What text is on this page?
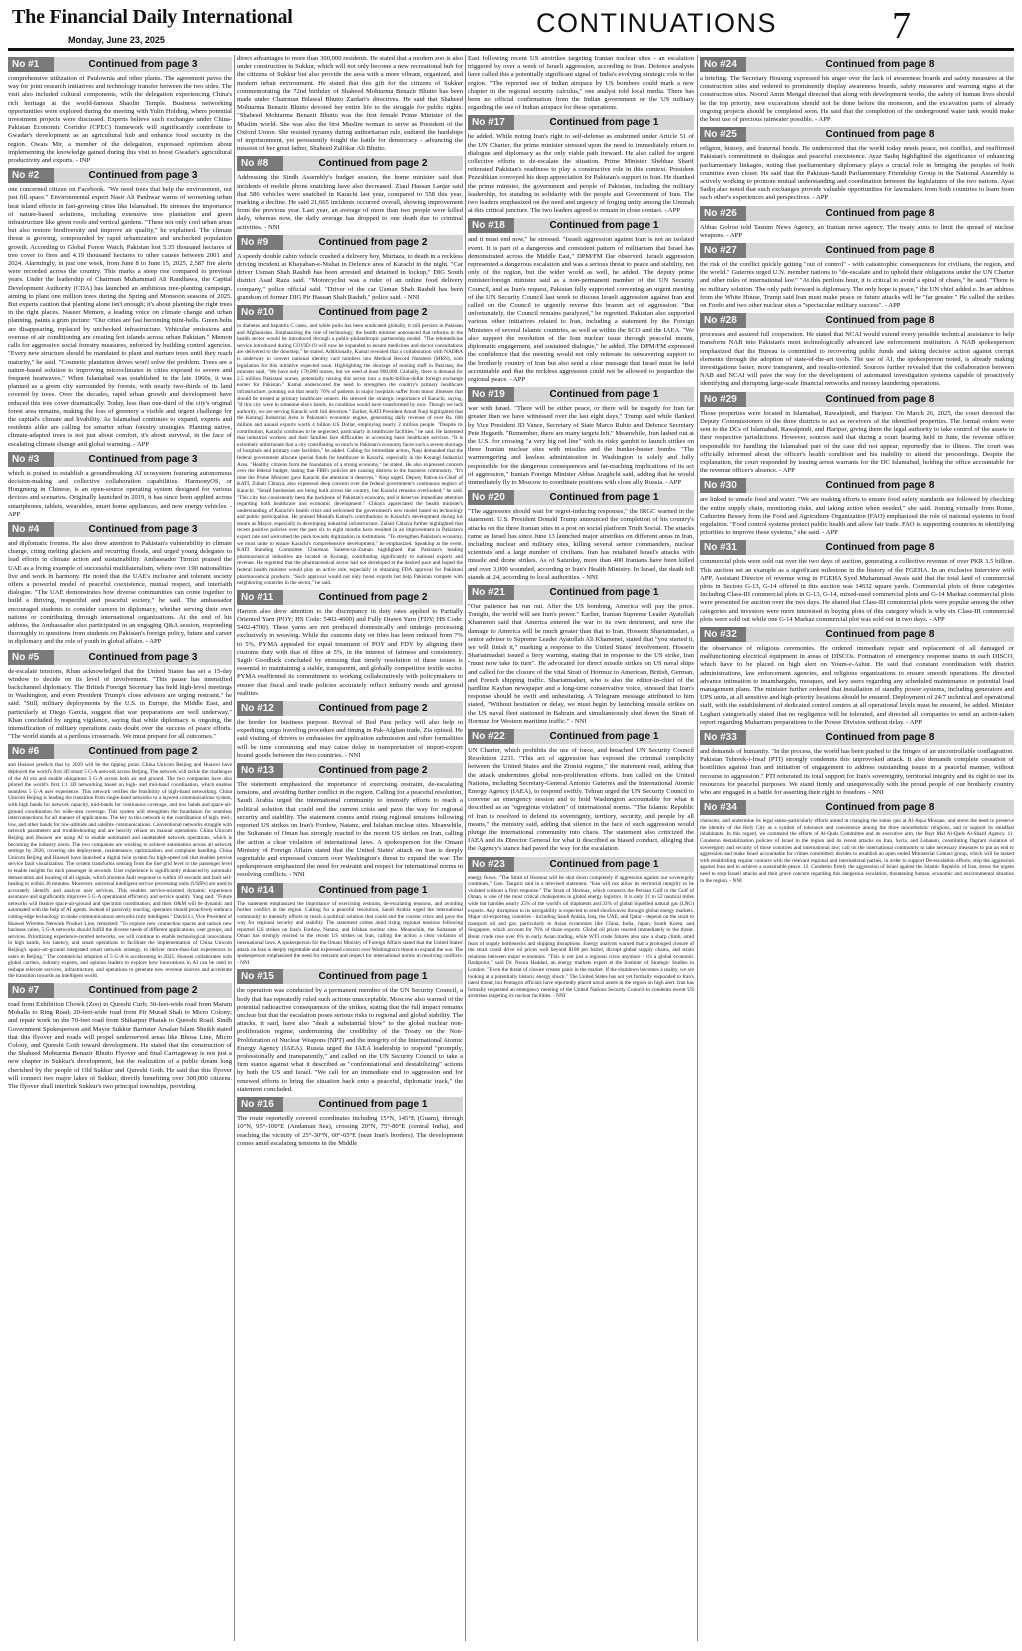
The Financial Daily International
Monday, June 23, 2025
CONTINUATIONS	7
No #1	Continued from page 3
comprehensive utilization of Paulownia and other plants. The agreement paves the way for joint research initiatives and technology transfer between the two sides. The visit also included cultural components, with the delegation experiencing China's rich heritage at the world-famous Shaolin Temple. Business networking opportunities were explored during the meeting with Yulin Holding, where potential investment projects were discussed. Experts believe such exchanges under China-Pakistan Economic Corridor (CPEC) framework will significantly contribute to Gwadar's development as an agricultural hub and enhance food security in the region. Owais Mir, a member of the delegation, expressed optimism about implementing the knowledge gained during this visit to boost Gwadar's agricultural productivity and exports. - INP
No #2	Continued from page 3
one concerned citizen on Facebook. "We need trees that help the environment, not just fill space." Environmental expert Nasir Ali Panhwar warns of worsening urban heat island effects in fast-growing cities like Islamabad. He stresses the importance of nature-based solutions, including extensive tree plantation and green infrastructure like green roofs and vertical gardens. "These not only cool urban areas but also restore biodiversity and improve air quality," he explained. The climate threat is growing, compounded by rapid urbanization and unchecked population growth. According to Global Forest Watch, Pakistan lost 5.35 thousand hectares of tree cover to fires and 4.19 thousand hectares to other causes between 2001 and 2024. Alarmingly, in just one week, from June 8 to June 15, 2025, 2,587 fire alerts were recorded across the country. This marks a steep rise compared to previous years. Under the leadership of Chairman Muhammad Ali Randhawa, the Capital Development Authority (CDA) has launched an ambitious tree-planting campaign, aiming to plant one million trees during the Spring and Monsoon seasons of 2025. But experts caution that planting alone isn't enough; it's about planting the right trees in the right places. Naseer Memon, a leading voice on climate change and urban planning, paints a grim picture: "Our cities are fast becoming mini-hells. Green belts are disappearing, replaced by unchecked infrastructure. Vehicular emissions and overuse of air conditioning are creating hot islands across urban Pakistan." Memon calls for aggressive social forestry measures, enforced by building control agencies. "Every new structure should be mandated to plant and nurture trees until they reach maturity," he said. "Cosmetic plantation drives won't solve the problem. Trees are a nature-based solution to improving microclimates in cities exposed to severe and frequent heatwaves." When Islamabad was established in the late 1960s, it was planned as a green city surrounded by forests, with nearly two-thirds of its land covered by trees. Over the decades, rapid urban growth and development have reduced this tree cover dramatically. Today, less than one-third of the city's original forest area remains, making the loss of greenery a visible and urgent challenge for the capital's climate and livability. As Islamabad continues to expand, experts and residents alike are calling for smarter urban forestry strategies. Planting native, climate-adapted trees is not just about comfort, it's about survival, in the face of escalating climate change and global warming. - APP
No #3	Continued from page 3
which is poised to establish a groundbreaking AI ecosystem featuring autonomous decision-making and collective collaboration capabilities. HarmonyOS, or Hongmeng in Chinese, is an open-source operating system designed for various devices and scenarios. Originally launched in 2019, it has since been applied across smartphones, tablets, wearables, smart home appliances, and new energy vehicles. - APP
No #4	Continued from page 3
and diplomatic forums. He also drew attention to Pakistan's vulnerability to climate change, citing melting glaciers and recurring floods, and urged young delegates to lead efforts in climate action and sustainability. Ambassador Tirmizi praised the UAE as a living example of successful multilateralism, where over 190 nationalities live and work in harmony. He noted that the UAE's inclusive and tolerant society offers a powerful model of peaceful coexistence, mutual respect, and interfaith dialogue. "The UAE demonstrates how diverse communities can come together to build a thriving, respectful and peaceful society," he said. The ambassador encouraged students to consider careers in diplomacy, whether serving their own nations or contributing through international organizations. At the end of his address, the Ambassador also participated in an engaging Q&A session, responding thoroughly to questions from students on Pakistan's foreign policy, future and career in diplomacy and the role of youth in global affairs. - APP
No #5	Continued from page 3
de-escalate tensions, Khan acknowledged that the United States has set a 15-day window to decide on its level of involvement. "This pause has intensified backchannel diplomacy. The British Foreign Secretary has held high-level meetings in Washington, and even President Trump's close advisers are urging restraint," he said. "Still, military deployments by the U.S. in Europe, the Middle East, and particularly at Diego Garcia, suggest that war preparations are well underway." Khan concluded by urging vigilance, saying that while diplomacy is ongoing, the intensification of military operations casts doubt over the success of peace efforts. "The world stands at a perilous crossroads. We must prepare for all outcomes."
No #6	Continued from page 2
and Huawei predicts that by 2029 will be the tipping point. China Unicom Beijing and Huawei have deployed the world's first 3D smart 5 G-A network across Beijing. The network will tackle the challenges of the AI era and enable ubiquitous 5 G-A across both air and ground. The two companies have also piloted the world's first 1:1 3D networking based on high- and mid-band coordination, which enables seamless 5 G-A user experience. This network verifies the feasibility of high-band networking. China Unicom Beijing is leading the transition from single-band networks to a layered communications system, with high bands for network capacity, mid-bands for continuous coverage, and low bands and space-air-ground coordination for wide-area coverage. This system will strengthen the foundation for seamless interconnections for all manner of applications. The key to this network is the coordination of high, mid-, low, and other bands for low-altitude and satellite communications. Conventional networks struggle with network parameters and troubleshooting and are heavily reliant on manual operations. China Unicom Beijing and Huawei are using AI to enable automated and unattended network operations, which is becoming the industry norm. The two companies are working to achieve automation across all network settings by 2026, covering site deployment, maintenance, optimization, and complaint handling. China Unicom Beijing and Huawei have launched a digital twin system for high-speed rail that enables precise service fault visualization. The system transforms sensing from the line grid level to the passenger level to enable insights for each passenger in seconds. User experience is significantly enhanced by automatic demarcation and locating of all signals, which shortens fault response to within 10 seconds and fault self-healing to within 30 minutes. Moreover, universal intelligent service processing units (USIPs) are used to accurately identify and analyze user services. This enables service-oriented dynamic experience assurance and significantly improves 5 G-A operational efficiency and service quality. Yang said: "Future networks will feature space-air-ground and spectrum coordination, and their O&M will be dynamic and automated with the help of AI agents. Instead of passively reacting, operators should proactively embrace cutting-edge technology to make communications networks truly intelligent." David Li, Vice President of Huawei Wireless Network Product Line, remarked: "To explore new connection spaces and unlock new business value, 5 G-A networks should fulfill the diverse needs of different applications, user groups, and services. Prioritizing experience-centred networks, we will continue to enable technological innovations in high bands, low latency, and smart operations to facilitate the implementation of China Unicom Beijing's space-air-ground integrated smart network strategy, to deliver more-than-fast experiences to users in Beijing." The commercial adoption of 5 G-A is accelerating in 2025. Huawei collaborates with global carriers, industry experts, and opinion leaders to explore how innovations in AI can be used to reshape telecom services, infrastructure, and operations to generate new revenue sources and accelerate the transition towards an intelligent world.
No #7	Continued from page 2
road from Exhibition Chowk (Zoo) to Qureshi Curb; 30-feet-wide road from Maram Mohalla to Ring Road; 20-feet-wide road from Pir Murad Shah to Micro Colony; and repair work on the 70-feet road from Shikarpur Phatak to Qureshi Road. Sindh Government Spokesperson and Mayor Sukkur Barrister Arsalan Islam Sheikh stated that this flyover and roads will propel underserved areas like Bhosa Line, Micro Colony, and Qureshi Goth toward development. He stated that the construction of the Shaheed Mohtarma Benazir Bhutto Flyover and final Carriageway is not just a new chapter in Sukkur's development, but the realization of a public dream long cherished by the people of Old Sukkur and Qureshi Goth. He said that this flyover will connect two major lakes of Sukkur, directly benefiting over 300,000 citizens. The flyover shall interlink Sukkur's two principal townships, providing
direct advantages to more than 300,000 residents. He stated that a modern zoo is also under construction in Sukkur, which will not only become a new recreational hub for the citizens of Sukkur but also provide the area with a more vibrant, organized, and modern urban environment. He stated that this gift for the citizens of Sukkur commemorating the 72nd birthday of Shaheed Mohtarma Benazir Bhutto has been made under Chairman Bilawal Bhutto Zardari's directives. He said that Shaheed Mohtarma Benazir Bhutto devoted her entire life to the struggle for public rights. "Shaheed Mohtarma Benazir Bhutto was the first female Prime Minister of the Muslim world. She was also the first Muslim woman to serve as President of the Oxford Union. She resisted tyranny during authoritarian rule, endured the hardships of imprisonment, yet persistently fought the battle for democracy - advancing the mission of her great father, Shaheed Zulfikar Ali Bhutto.
No #8	Continued from page 2
Addressing the Sindh Assembly's budget session, the home minister said that incidents of mobile phone snatching have also decreased. Ziaul Hassan Lanjar said that 586 vehicles were snatched in Karachi last year, compared to 558 this year, marking a decline. He said 21,665 incidents occurred overall, showing improvement from the previous year. Last year, an average of more than two people were killed daily, whereas now, the daily average has dropped to one death due to criminal activities. - NNI
No #9	Continued from page 2
A speedy double cabin vehicle crushed a delivery boy, Murtaza, to death in a reckless driving incident at Khayaban-e-Nishat in Defence area of Karachi in the night. "Car driver Usman Shah Rashdi has been arrested and detained in lockup," DIG South district Asad Raza said. "Motorcyclist was a rider of an online food delivery company," police official said. "Driver of the car Usman Shah Rashdi has been grandson of former DIG Pir Hassan Shah Rashdi," police said. - NNI
No #10	Continued from page 2
in diabetes and hepatitis C cases, and while polio has been eradicated globally, it still persists in Pakistan and Afghanistan. Emphasizing the role of technology, the health minister announced that reforms in the health sector would be introduced through a public-philanthropic partnership model. "The telemedicine service introduced during COVID-19 will now be expanded to ensure medicines and doctor consultations are delivered to the doorstep," he stated. Additionally, Kamal revealed that a collaboration with NADRA is underway to convert national identity card numbers into Medical Record Numbers (MRN), with legislation for this initiative expected soon. Highlighting the shortage of nursing staff in Pakistan, the minister said, "We have only 170,000 nurses, but we need at least 900,000. Globally, there is demand for 2.5 million Pakistani nurses, potentially turning this sector into a multi-billion-dollar foreign exchange earner for Pakistan." Kamal underscored the need to strengthen the country's primary healthcare infrastructure, pointing out that nearly 70% of patients in major hospitals suffer from minor illnesses that should be treated at primary healthcare centers. He stressed the strategic importance of Karachi, saying, "If this city were in someone else's hands, its condition would have transformed by now. Though we lack authority, we are serving Karachi with full devotion." Earlier, KATI President Amad Naqi highlighted that the Korangi Industrial Area is Pakistan's economic engine, generating daily revenue of over Rs. 600 million and annual exports worth 4 billion US Dollar, employing nearly 2 million people. "Despite its contribution, Karachi continues to be neglected, particularly in healthcare facilities," he said. He lamented that industrial workers and their families face difficulties in accessing basic healthcare services. "It is extremely unfortunate that a city contributing so much to Pakistan's economy faces such a severe shortage of hospitals and primary care facilities," he added. Calling for immediate action, Naqi demanded that the federal government allocate special funds for healthcare in Karachi, especially in the Korangi Industrial Area. "Healthy citizens form the foundation of a strong economy," he stated. He also expressed concern over the federal budget, stating that FBR's policies are causing distress to the business community. "It's time the Prime Minister gave Karachi the attention it deserves," Naqi urged. Deputy Patron-in-Chief of KATI, Zubair Chhaya, also expressed deep concern over the federal government's continuous neglect of Karachi. "Small businesses are being built across the country, but Karachi remains overlooked," he said. "This city has consistently been the backbone of Pakistan's economy, and it deserves immediate attention regarding both healthcare and economic development." Chhaya appreciated the health minister's understanding of Karachi's health crisis and welcomed the government's new model based on technology and public participation. He praised Mustafa Kamal's contributions to Karachi's development during his tenure as Mayor, especially in developing industrial infrastructure. Zubair Chhaya further highlighted that recent positive policies over the past six to eight months have resulted in an improvement in Pakistan's export rate and welcomed the push towards digitization in institutions. "To strengthen Pakistan's economy, we must unite to ensure Karachi's comprehensive development," he emphasized. Speaking at the event, KATI Standing Committee Chairman Saleem-uz-Zaman highlighted that Pakistan's leading pharmaceutical industries are located in Korangi, contributing significantly to national exports and revenue. He regretted that the pharmaceutical sector had not developed at the desired pace and hoped the federal health minister would play an active role, especially in obtaining FDA approval for Pakistani pharmaceutical products. "Such approval would not only boost exports but help Pakistan compete with neighboring countries in the sector," he said.
No #11	Continued from page 2
Haroon also drew attention to the discrepancy in duty rates applied to Partially Oriented Yarn (POY; HS Code: 5402-4600) and Fully Drawn Yarn (FDY; HS Code: 5402-4700). These yarns are not produced domestically and undergo processing exclusively in weaving. While the customs duty on fibre has been reduced from 7% to 5%, PYMA appealed for equal treatment of POY and FDY by aligning their customs duty with that of fibre at 5%, in the interest of fairness and consistency. Sagib Goodluck concluded by stressing that timely resolution of these issues is essential to maintaining a stable, transparent, and globally competitive textile sector. PYMA reaffirmed its commitment to working collaboratively with policymakers to ensure that fiscal and trade policies accurately reflect industry needs and ground realities.
No #12	Continued from page 2
the border for business purpose. Revival of Red Pass policy will also help in expediting cargo traveling procedure and timing in Pak-Afghan trade, Zia opined. He said visiting of drivers to embassies for application submission and other formalities will be time consuming and may cause delay in transportation of import-export bound goods between the two countries. - NNI
No #13	Continued from page 2
The statement emphasized the importance of exercising restraint, de-escalating tensions, and avoiding further conflict in the region. Calling for a peaceful resolution, Saudi Arabia urged the international community to intensify efforts to reach a political solution that could end the current crisis and pave the way for regional security and stability. The statement comes amid rising regional tensions following reported US strikes on Iran's Fordow, Natanz, and Isfahan nuclear sites. Meanwhile, the Sultanate of Oman has strongly reacted to the recent US strikes on Iran, calling the action a clear violation of international laws. A spokesperson for the Omani Ministry of Foreign Affairs stated that the United States' attack on Iran is deeply regrettable and expressed concern over Washington's threat to expand the war. The spokesperson emphasized the need for restraint and respect for international norms in resolving conflicts. - NNI
No #14	Continued from page 1
The statement emphasized the importance of exercising restraint, de-escalating tensions, and avoiding further conflict in the region. Calling for a peaceful resolution, Saudi Arabia urged the international community to intensify efforts to reach a political solution that could end the current crisis and pave the way for regional security and stability. The statement comes amid rising regional tensions following reported US strikes on Iran's Fordow, Natanz, and Isfahan nuclear sites. Meanwhile, the Sultanate of Oman has strongly reacted to the recent US strikes on Iran, calling the action a clear violation of international laws. A spokesperson for the Omani Ministry of Foreign Affairs stated that the United States' attack on Iran is deeply regrettable and expressed concern over Washington's threat to expand the war. The spokesperson emphasized the need for restraint and respect for international norms in resolving conflicts. - NNI
No #15	Continued from page 1
the operation was conducted by a permanent member of the UN Security Council, a body that has repeatedly ruled such actions unacceptable. Moscow also warned of the potential radioactive consequences of the strikes, stating that the full impact remains unclear but that the escalation poses serious risks to regional and global stability. The attacks, it said, have also "dealt a substantial blow" to the global nuclear non-proliferation regime, undermining the credibility of the Treaty on the Non-Proliferation of Nuclear Weapons (NPT) and the integrity of the International Atomic Energy Agency (IAEA). Russia urged the IAEA leadership to respond "promptly, professionally and transparently," and called on the UN Security Council to take a firm stance against what it described as "confrontational and destabilizing" actions by both the US and Israel. "We call for an immediate end to aggression and for renewed efforts to bring the situation back onto a peaceful, diplomatic track," the statement concluded.
No #16	Continued from page 1
The route reportedly covered coordinates including 15°N, 145°E (Guam), through 10°N, 95°-100°E (Andaman Sea), crossing 20°N, 75°-80°E (central India), and reaching the vicinity of 25°-30°N, 60°-65°E (near Iran's borders). The development comes amid escalating tensions in the Middle
East following recent US airstrikes targeting Iranian nuclear sites - an escalation triggered by over a week of Israeli aggression, according to Iran. Defence analysts have called this a potentially significant signal of India's evolving strategic role in the region. "The reported use of Indian airspace by US bombers could mark a new chapter in the regional security calculus," one analyst told local media. There has been no official confirmation from the Indian government or the US military regarding the use of Indian airspace for these operations.
No #17	Continued from page 1
he added. While noting Iran's right to self-defense as enshrined under Article 51 of the UN Charter, the prime minister stressed upon the need to immediately return to dialogue and diplomacy as the only viable path forward. He also called for urgent collective efforts to de-escalate the situation. Prime Minister Shehbaz Sharif reiterated Pakistan's readiness to play a constructive role in this context. President Pezeshkian conveyed his deep appreciation for Pakistan's support to Iran. He thanked the prime minister, the government and people of Pakistan, including the military leadership, for standing in solidarity with the people and Government of Iran. The two leaders emphasized on the need and urgency of forging unity among the Ummah at this critical juncture. The two leaders agreed to remain in close contact. - APP
No #18	Continued from page 1
and it must end now," he stressed. "Israeli aggression against Iran is not an isolated event. It is part of a dangerous and consistent pattern of militarism that Israel has demonstrated across the Middle East," DPM/FM Dar observed. Israeli aggression represented a dangerous escalation and was a serious threat to peace and stability, not only of the region, but the wider world as well, he added. The deputy prime minister/foreign minister said as a non-permanent member of the UN Security Council, and as Iran's request, Pakistan fully supported convening an urgent meeting of the UN Security Council last week to discuss Israeli aggression against Iran and called on the Council to urgently reverse this brazen act of aggression. "But unfortunately, the Council remains paralyzed," he regretted. Pakistan also supported various other initiatives related to Iran, including a statement by the Foreign Ministers of several Islamic countries, as well as within the SCO and the IAEA. "We also support the resolution of the Iran nuclear issue through peaceful means, diplomatic engagement, and sustained dialogue," he added. The DPM/FM expressed the confidence that the meeting would not only reiterate its unwavering support to the brotherly country of Iran but also send a clear message that Israel must be held accountable and that the reckless aggression could not be allowed to jeopardize the regional peace. - APP
No #19	Continued from page 1
war with Israel. "There will be either peace, or there will be tragedy for Iran far greater than we have witnessed over the last eight days," Trump said while flanked by Vice President JD Vance, Secretary of State Marco Rubio and Defence Secretary Pete Hegseth. "Remember, there are many targets left." Meanwhile, Iran lashed out at the U.S. for crossing "a very big red line" with its risky gambit to launch strikes on three Iranian nuclear sites with missiles and the bunker-buster bombs. "The warmongering and lawless administration in Washington is solely and fully responsible for the dangerous consequences and far-reaching implications of its act of aggression," Iranian Foreign Minister Abbas Araghchi said, adding that he would immediately fly to Moscow to coordinate positions with close ally Russia. - APP
No #20	Continued from page 1
"The aggressors should wait for regret-inducing responses," the IRGC warned in the statement. U.S. President Donald Trump announced the completion of his country's attacks on the three Iranian sites in a post on social platform Truth Social. The attacks came as Israel has since June 13 launched major airstrikes on different areas in Iran, including nuclear and military sites, killing several senior commanders, nuclear scientists and a large number of civilians. Iran has retaliated Israel's attacks with missile and drone strikes. As of Saturday, more than 400 Iranians have been killed and over 3,000 wounded, according to Iran's Health Ministry. In Israel, the death toll stands at 24, according to local authorities. - NNI
No #21	Continued from page 1
"Our patience has run out. After the US bombing, America will pay the price. Tonight, the world will see Iran's power." Earlier, Iranian Supreme Leader Ayatollah Khamenei said that America entered the war to its own detriment, and now the damage to America will be much greater than that to Iran. Hossein Shariatmadari, a senior adviser to Supreme Leader Ayatollah Ali Khamenei, stated that "you started it, we will finish it," marking a response to the United States' involvement. Hossein Shariatmadari issued a fiery warning, stating that in response to the US strike, Iran "must now take its turn". He advocated for direct missile strikes on US naval ships and called for the closure of the vital Strait of Hormuz to American, British, German, and French shipping traffic. Shariatmadari, who is also the editor-in-chief of the hardline Kayhan newspaper and a long-time conservative voice, stressed that Iran's response should be swift and unhesitating. A Telegram message attributed to him stated, "Without hesitation or delay, we must begin by launching missile strikes on the US naval fleet stationed in Bahrain and simultaneously shut down the Strait of Hormuz for Western maritime traffic." - NNI
No #22	Continued from page 1
UN Charter, which prohibits the use of force, and breached UN Security Council Resolution 2231. "This act of aggression has exposed the criminal complicity between the United States and the Zionist regime," the statement read, adding that the attack undermines global non-proliferation efforts. Iran called on the United Nations, including Secretary-General Antonio Guterres and the International Atomic Energy Agency (IAEA), to respond swiftly. Tehran urged the UN Security Council to convene an emergency session and to hold Washington accountable for what it described as an "egregious violation" of international norms. "The Islamic Republic of Iran is resolved to defend its sovereignty, territory, security, and people by all means," the ministry said, adding that silence in the face of such aggression would plunge the international community into chaos. The statement also criticized the IAEA and its Director General for what it described as biased conduct, alleging that the Agency's stance had paved the way for the escalation.
No #23	Continued from page 1
energy flows. "The Strait of Hormuz will be shut down completely if aggression against our sovereignty continues," Gen. Tangsiri said in a televised statement. "Iran will not allow its territorial integrity to be violated without a firm response." The Strait of Hormuz, which connects the Persian Gulf to the Gulf of Oman, is one of the most critical chokepoints in global energy logistics. It is only 21 to 52 nautical miles wide but handles nearly 25% of the world's oil shipments and 33% of global liquefied natural gas (LNG) exports. Any disruption to its navigability is expected to send shockwaves through global energy markets. Major oil-exporting countries - including Saudi Arabia, Iraq, the UAE, and Qatar - depend on the strait to transport oil and gas, particularly to Asian economies like China, India, Japan, South Korea, and Singapore, which account for 76% of those exports. Global oil prices reacted immediately to the threat. Brent crude rose over 6% in early Asian trading, while WTI crude futures also saw a sharp climb, amid fears of supply bottlenecks and shipping disruptions. Energy analysts warned that a prolonged closure of the strait could drive oil prices well beyond $100 per barrel, disrupt global supply chains, and strain relations between major economies. "This is not just a regional crisis anymore - it's a global economic flashpoint," said Dr. Noura Haddad, an energy markets expert at the Institute of Strategic Studies in London. "Even the threat of closure creates panic in the market. If the shutdown becomes a reality, we are looking at a potentially historic energy shock." The United States has not yet formally responded to Iran's latest threat, but Pentagon officials have reportedly placed naval assets in the region on high alert. Iran has formally requested an emergency meeting of the United Nations Security Council to condemn recent US airstrikes targeting its nuclear facilities. - NNI
No #24	Continued from page 8
a briefing. The Secretary Housing expressed his anger over the lack of awareness boards and safety measures at the construction sites and ordered to prominently display awareness boards, safety measures and warning signs at the construction sites. Noorul Amin Mengal directed that along with development works, the safety of human lives should be the top priority, new excavations should not be done before the monsoon, and the excavation parts of already ongoing projects should be completed soon. He said that the completion of the underground water tank would make the best use of precious rainwater possible. - APP
No #25	Continued from page 8
religion, history, and fraternal bonds. He underscored that the world today needs peace, not conflict, and reaffirmed Pakistan's commitment to dialogue and peaceful coexistence. Ayaz Sadiq highlighted the significance of enhancing parliamentary linkages, noting that parliamentary diplomacy plays a crucial role in bringing the peoples of both countries even closer. He said that the Pakistan-Saudi Parliamentary Friendship Group in the National Assembly is actively working to promote mutual understanding and coordination between the legislatures of the two nations. Ayaz Sadiq also noted that such exchanges provide valuable opportunities for lawmakers from both countries to learn from each other's experiences and perspectives. - APP
No #26	Continued from page 8
Abbas Golroo told Tasnim News Agency, an Iranian news agency. The treaty aims to limit the spread of nuclear weapons. - APP
No #27	Continued from page 8
the risk of the conflict quickly getting "out of control" - with catastrophic consequences for civilians, the region, and the world." Guterres urged U.N. member nations to "de-escalate and to uphold their obligations under the UN Charter and other rules of international law." "At this perilous hour, it is critical to avoid a spiral of chaos," he said. "There is no military solution. The only path forward is diplomacy. The only hope is peace," the UN chief added.e. In an address from the White House, Trump said Iran must make peace or future attacks will be "far greater." He called the strikes on Fordo and two other nuclear sites a "spectacular military success". - APP
No #28	Continued from page 8
processes and assured full cooperation. He stated that NCAI would extend every possible technical assistance to help transform NAB into Pakistan's most technologically advanced law enforcement institution. A NAB spokesperson emphasized that the Bureau is committed to recovering public funds and taking decisive action against corrupt elements through the adoption of state-of-the-art tools. The use of AI, the spokesperson noted, is already making investigations faster, more transparent, and results-oriented. Sources further revealed that the collaboration between NAB and NCAI will pave the way for the development of automated investigation systems capable of proactively identifying and disrupting large-scale financial networks and money laundering operations.
No #29	Continued from page 8
Those properties were located in Islamabad, Rawalpindi, and Haripur. On March 26, 2025, the court directed the Deputy Commissioners of the three districts to act as receivers of the identified properties. The formal orders were sent to the DCs of Islamabad, Rawalpindi, and Haripur, giving them the legal authority to take control of the assets in their respective jurisdictions. However, sources said that during a court hearing held in June, the revenue officer responsible for handling the Islamabad part of the case did not appear, reportedly due to illness. The court was officially informed about the officer's health condition and his inability to attend the proceedings. Despite the explanation, the court responded by issuing arrest warrants for the DC Islamabad, holding the office accountable for the revenue officer's absence. - APP
No #30	Continued from page 8
are linked to unsafe food and water. "We are making efforts to ensure food safety standards are followed by checking the entire supply chain, monitoring risks, and taking action when needed," she said. Joining virtually from Rome, Catherine Bessey from the Food and Agriculture Organization (FAO) emphasized the role of national systems in food regulation. "Food control systems protect public health and allow fair trade. FAO is supporting countries in identifying priorities to improve these systems," she said. - APP
No #31	Continued from page 8
commercial plots were sold out over the two days of auction, generating a collective revenue of over PKR 3.5 billion. This auction set an example as a significant milestone in the history of the FGEHA. In an exclusive Interview with APP, Assistant Director of revenue wing in FGEHA Syed Muhammad Awais said that the total land of commercial plots in Sectors G-13, G-14 offered in this auction was 14632 square yards. Commercial plots of three categories Including Class-III commercial plots in G-13, G-14, mixed-used commercial plots and G-14 Markaz commercial plots were presented for auction over the two days. He shared that Class-III commercial plots were popular among the other categories and investors were more interested in buying plots of this category which is why six Class-III commercial plots were sold out while one G-14 Markaz commercial plot was sold out in two days. - APP
No #32	Continued from page 8
the observance of religious ceremonies. He ordered immediate repair and replacement of all damaged or malfunctioning electrical equipment in areas of DISCOs. Formation of emergency response teams in each DISCO, which have to be placed on high alert on Youm-e-Ashur. He said that constant coordination with district administrations, law enforcement agencies, and religious organizations to ensure smooth operations. He directed advance intimation to imambargahs, mosques, and key users regarding any scheduled maintenance or potential load management plans. The minister further ordered that installation of standby power systems, including generators and UPS units, at all sensitive and high-priority locations should be ensured. Deployment of 24/7 technical and operational staff, with the establishment of dedicated control centers at all operational levels must be ensured, he added. Minister Leghari categorically stated that no negligence will be tolerated, and directed all companies to send an action-taken report regarding Muharram preparations to the Power Division without delay. - APP
No #33	Continued from page 8
and demands of humanity. "In the process, the world has been pushed to the fringes of an uncontrollable conflagration. Pakistan Tehreek-i-Insaf (PTI) strongly condemns this unprovoked attack. It also demands complete cessation of hostilities against Iran and initiation of engagement to address outstanding issues in a peaceful manner, without recourse to aggression." PTI reiterated its total support for Iran's sovereignty, territorial integrity and its right to use its resources for peaceful purposes. We stand firmly and unequivocally with the proud people of our brotherly country who are engaged in a battle for asserting their right to freedom. - NNI
No #34	Continued from page 8
character, and undermine its legal status-particularly efforts aimed at changing the status quo at Al-Aqsa Mosque, and stress the need to preserve the identity of the Holy City as a symbol of tolerance and coexistence among the three monotheistic religions, and to support its steadfast inhabitants. In this regard, we commend the efforts of Al-Quds Committee and its executive arm, the Bayt Mal Al-Quds Al-Sharif Agency. 11. Condemn destabilization policies of Israel in the region and its recent attacks on Iran, Syria, and Lebanon, constituting flagrant violation of sovereignty and security of those countries and international law; call on the international community to take necessary measures to put an end to aggression and make Israel accountable for crimes committed; decides to establish an open ended Ministerial Contact group, which will be tasked with establishing regular contacts with the relevant regional and international parties, in order to support De-escalation efforts; stop the aggression against Iran and to achieve a sustainable peace. 12. Condemn firmly the aggression of Israel against the Islamic Republic of Iran, stress the urgent need to stop Israeli attacks and their grave concern regarding this dangerous escalation, threatening human, economic and environmental situation in the region. - NNI
